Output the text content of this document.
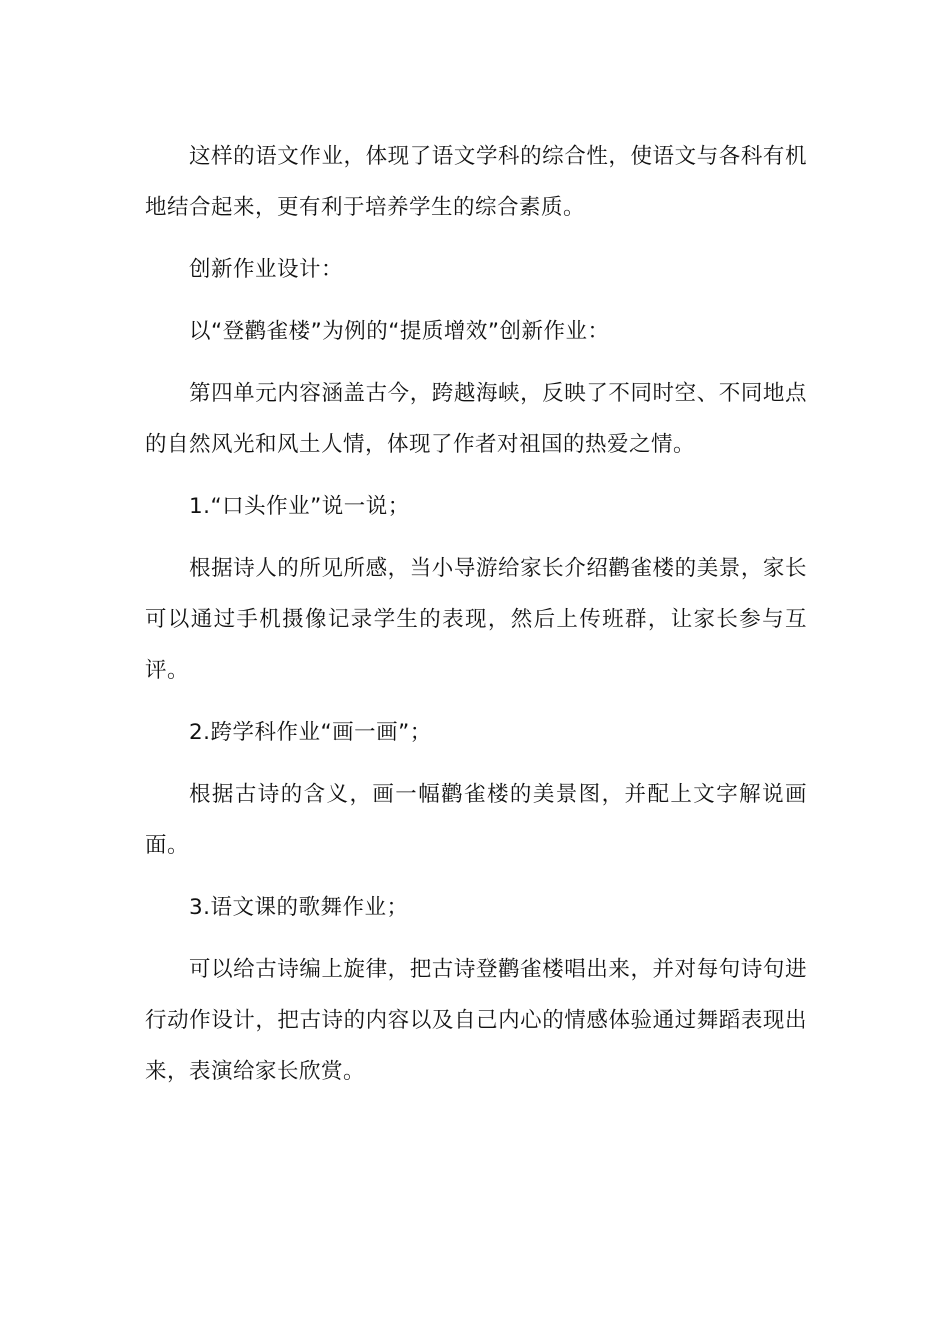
这样的语文作业，体现了语文学科的综合性，使语文与各科有机地结合起来，更有利于培养学生的综合素质。

创新作业设计：

以“登鹳雀楼”为例的“提质增效”创新作业：

第四单元内容涵盖古今，跨越海峡，反映了不同时空、不同地点的自然风光和风土人情，体现了作者对祖国的热爱之情。

1.“口头作业”说一说；

根据诗人的所见所感，当小导游给家长介绍鹳雀楼的美景，家长可以通过手机摄像记录学生的表现，然后上传班群，让家长参与互评。

2.跨学科作业“画一画”；

根据古诗的含义，画一幅鹳雀楼的美景图，并配上文字解说画面。

3.语文课的歌舞作业；

可以给古诗编上旋律，把古诗登鹳雀楼唱出来，并对每句诗句进行动作设计，把古诗的内容以及自己内心的情感体验通过舞蹈表现出来，表演给家长欣赏。
